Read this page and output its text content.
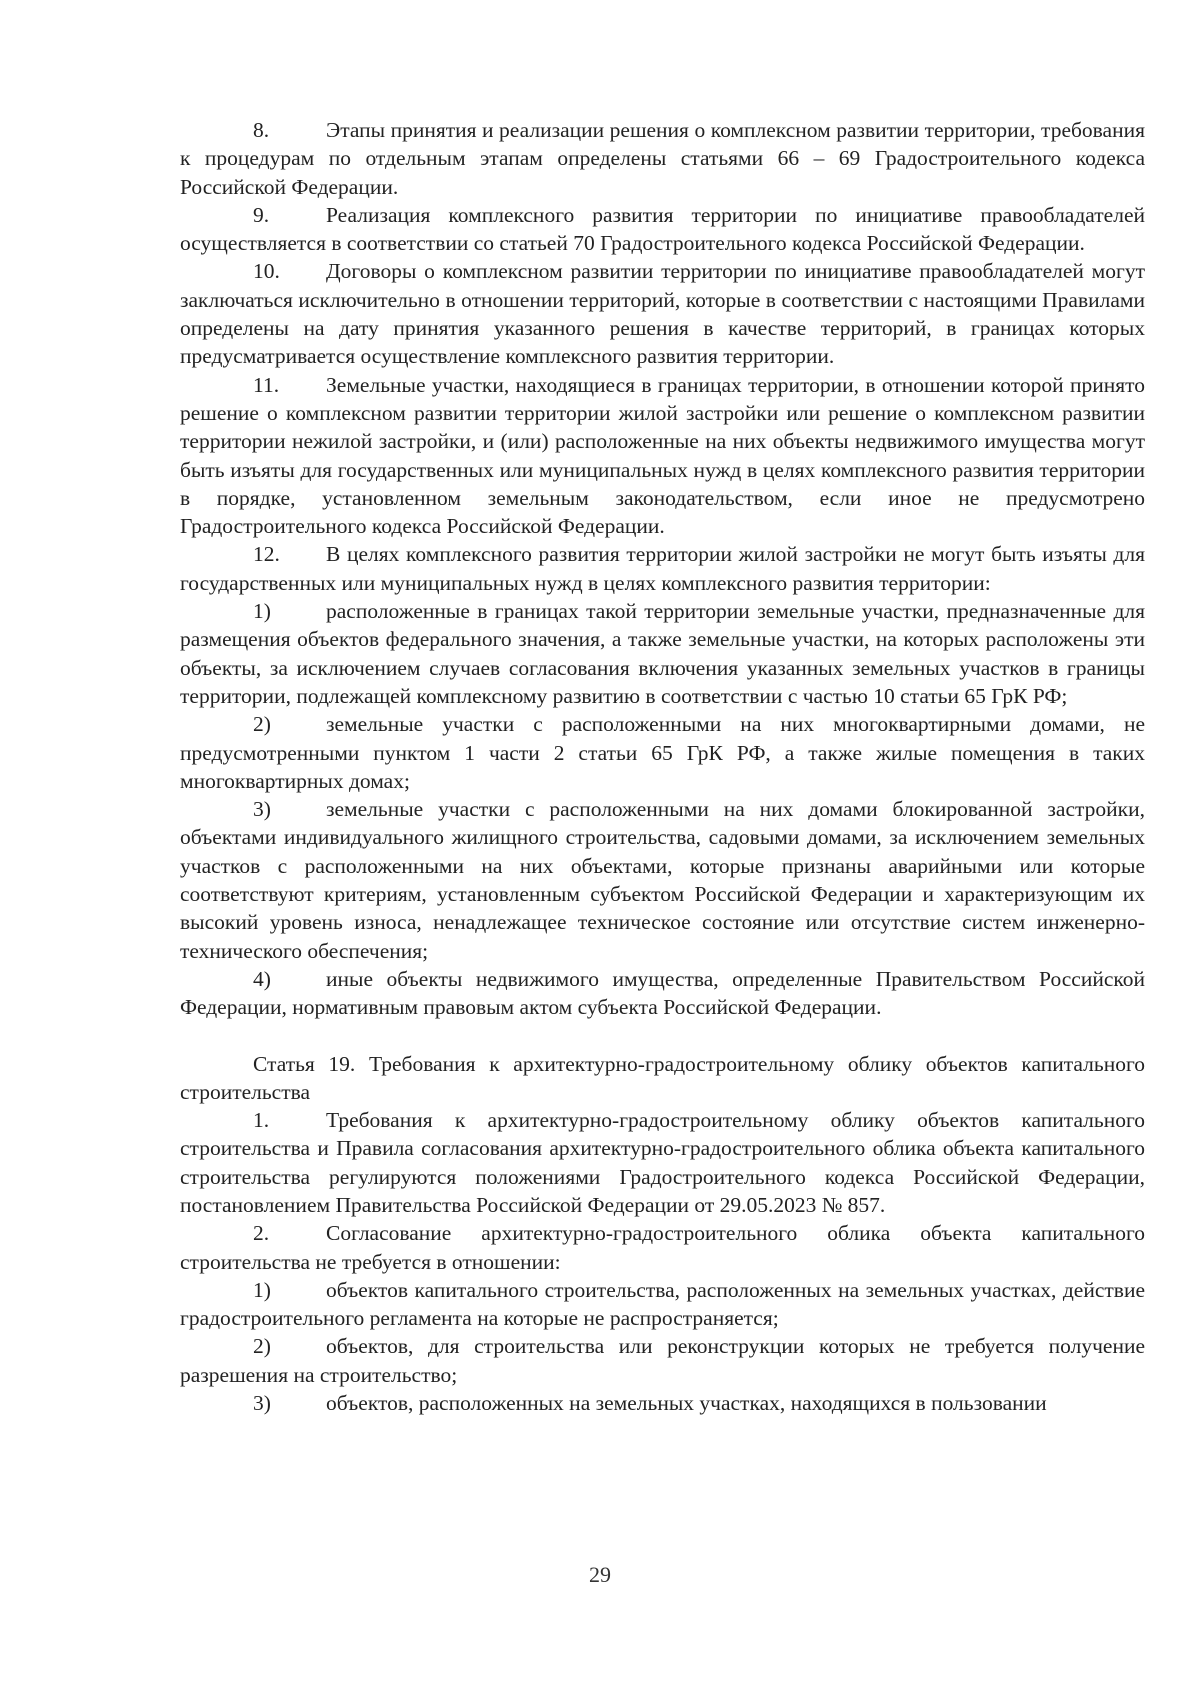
8.	Этапы принятия и реализации решения о комплексном развитии территории, требования к процедурам по отдельным этапам определены статьями 66 – 69 Градостроительного кодекса Российской Федерации.

9.	Реализация комплексного развития территории по инициативе правообладателей осуществляется в соответствии со статьей 70 Градостроительного кодекса Российской Федерации.

10. Договоры о комплексном развитии территории по инициативе правообладателей могут заключаться исключительно в отношении территорий, которые в соответствии с настоящими Правилами определены на дату принятия указанного решения в качестве территорий, в границах которых предусматривается осуществление комплексного развития территории.

11. Земельные участки, находящиеся в границах территории, в отношении которой принято решение о комплексном развитии территории жилой застройки или решение о комплексном развитии территории нежилой застройки, и (или) расположенные на них объекты недвижимого имущества могут быть изъяты для государственных или муниципальных нужд в целях комплексного развития территории в порядке, установленном земельным законодательством, если иное не предусмотрено Градостроительного кодекса Российской Федерации.

12. В целях комплексного развития территории жилой застройки не могут быть изъяты для государственных или муниципальных нужд в целях комплексного развития территории:

1)	расположенные в границах такой территории земельные участки, предназначенные для размещения объектов федерального значения, а также земельные участки, на которых расположены эти объекты, за исключением случаев согласования включения указанных земельных участков в границы территории, подлежащей комплексному развитию в соответствии с частью 10 статьи 65 ГрК РФ;

2)	земельные участки с расположенными на них многоквартирными домами, не предусмотренными пунктом 1 части 2 статьи 65 ГрК РФ, а также жилые помещения в таких многоквартирных домах;

3)	земельные участки с расположенными на них домами блокированной застройки, объектами индивидуального жилищного строительства, садовыми домами, за исключением земельных участков с расположенными на них объектами, которые признаны аварийными или которые соответствуют критериям, установленным субъектом Российской Федерации и характеризующим их высокий уровень износа, ненадлежащее техническое состояние или отсутствие систем инженерно-технического обеспечения;

4)	иные объекты недвижимого имущества, определенные Правительством Российской Федерации, нормативным правовым актом субъекта Российской Федерации.

Статья 19. Требования к архитектурно-градостроительному облику объектов капитального строительства

1.	Требования к архитектурно-градостроительному облику объектов капитального строительства и Правила согласования архитектурно-градостроительного облика объекта капитального строительства регулируются положениями Градостроительного кодекса Российской Федерации, постановлением Правительства Российской Федерации от 29.05.2023 № 857.

2.	Согласование архитектурно-градостроительного облика объекта капитального строительства не требуется в отношении:

1)	объектов капитального строительства, расположенных на земельных участках, действие градостроительного регламента на которые не распространяется;

2)	объектов, для строительства или реконструкции которых не требуется получение разрешения на строительство;

3)	объектов, расположенных на земельных участках, находящихся в пользовании

29
